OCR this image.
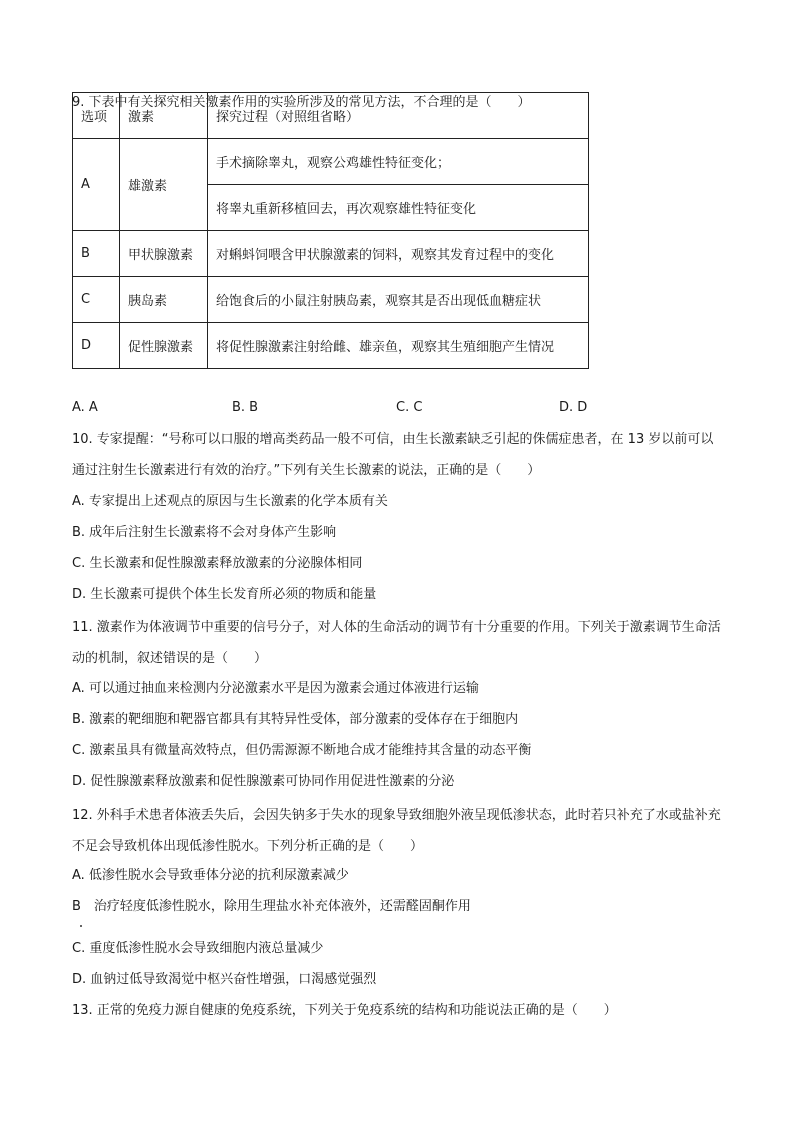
9. 下表中有关探究相关激素作用的实验所涉及的常见方法，不合理的是（　　）
选项	激素	探究过程（对照组省略）
A	雄激素	手术摘除睾丸，观察公鸡雄性特征变化；
		将睾丸重新移植回去，再次观察雄性特征变化
B	甲状腺激素	对蝌蚪饲喂含甲状腺激素的饲料，观察其发育过程中的变化
C	胰岛素	给饱食后的小鼠注射胰岛素，观察其是否出现低血糖症状
D	促性腺激素	将促性腺激素注射给雌、雄亲鱼，观察其生殖细胞产生情况
A. A	B. B	C. C	D. D
10. 专家提醒：“号称可以口服的增高类药品一般不可信，由生长激素缺乏引起的侏儒症患者，在 13 岁以前可以通过注射生长激素进行有效的治疗。”下列有关生长激素的说法，正确的是（　　）
A. 专家提出上述观点的原因与生长激素的化学本质有关
B. 成年后注射生长激素将不会对身体产生影响
C. 生长激素和促性腺激素释放激素的分泌腺体相同
D. 生长激素可提供个体生长发育所必须的物质和能量
11. 激素作为体液调节中重要的信号分子，对人体的生命活动的调节有十分重要的作用。下列关于激素调节生命活动的机制，叙述错误的是（　　）
A. 可以通过抽血来检测内分泌激素水平是因为激素会通过体液进行运输
B. 激素的靶细胞和靶器官都具有其特异性受体，部分激素的受体存在于细胞内
C. 激素虽具有微量高效特点，但仍需源源不断地合成才能维持其含量的动态平衡
D. 促性腺激素释放激素和促性腺激素可协同作用促进性激素的分泌
12. 外科手术患者体液丢失后，会因失钠多于失水的现象导致细胞外液呈现低渗状态，此时若只补充了水或盐补充不足会导致机体出现低渗性脱水。下列分析正确的是（　　）
A. 低渗性脱水会导致垂体分泌的抗利尿激素减少
B　治疗轻度低渗性脱水，除用生理盐水补充体液外，还需醛固酮作用
C. 重度低渗性脱水会导致细胞内液总量减少
D. 血钠过低导致渴觉中枢兴奋性增强，口渴感觉强烈
13. 正常的免疫力源自健康的免疫系统，下列关于免疫系统的结构和功能说法正确的是（　　）
